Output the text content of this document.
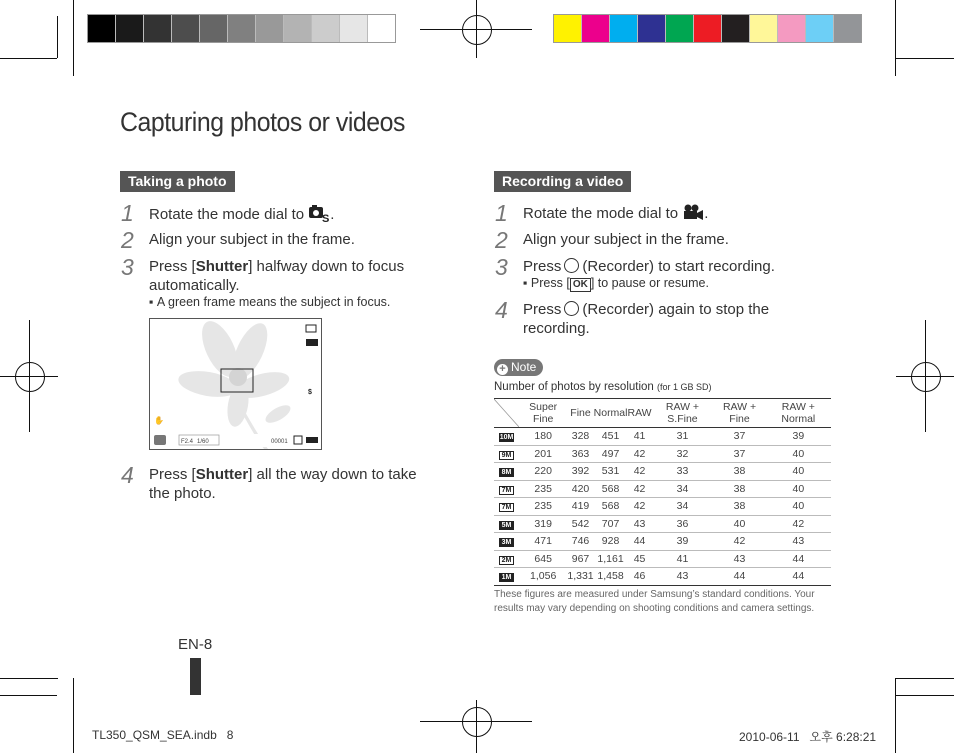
Capturing photos or videos
Taking a photo
1 Rotate the mode dial to S .
2 Align your subject in the frame.
3 Press [Shutter] halfway down to focus automatically.
▪ A green frame means the subject in focus.
$
✋
F2.4 1/60	00001
4 Press [Shutter] all the way down to take the photo.
Recording a video
1 Rotate the mode dial to .
2 Align your subject in the frame.
3 Press (Recorder) to start recording.
▪ Press [ OK ] to pause or resume.
4 Press (Recorder) again to stop the recording.
+ Note
Number of photos by resolution (for 1 GB SD)
	Super Fine	Fine	Normal	RAW	RAW + S.Fine	RAW + Fine	RAW + Normal
10M	180	328	451	41	31	37	39
9M	201	363	497	42	32	37	40
8M	220	392	531	42	33	38	40
7M	235	420	568	42	34	38	40
7M	235	419	568	42	34	38	40
5M	319	542	707	43	36	40	42
3M	471	746	928	44	39	42	43
2M	645	967	1,161	45	41	43	44
1M	1,056	1,331	1,458	46	43	44	44
These figures are measured under Samsung’s standard conditions. Your results may vary depending on shooting conditions and camera settings.
EN-8
TL350_QSM_SEA.indb 8	2010-06-11 오후 6:28:21
